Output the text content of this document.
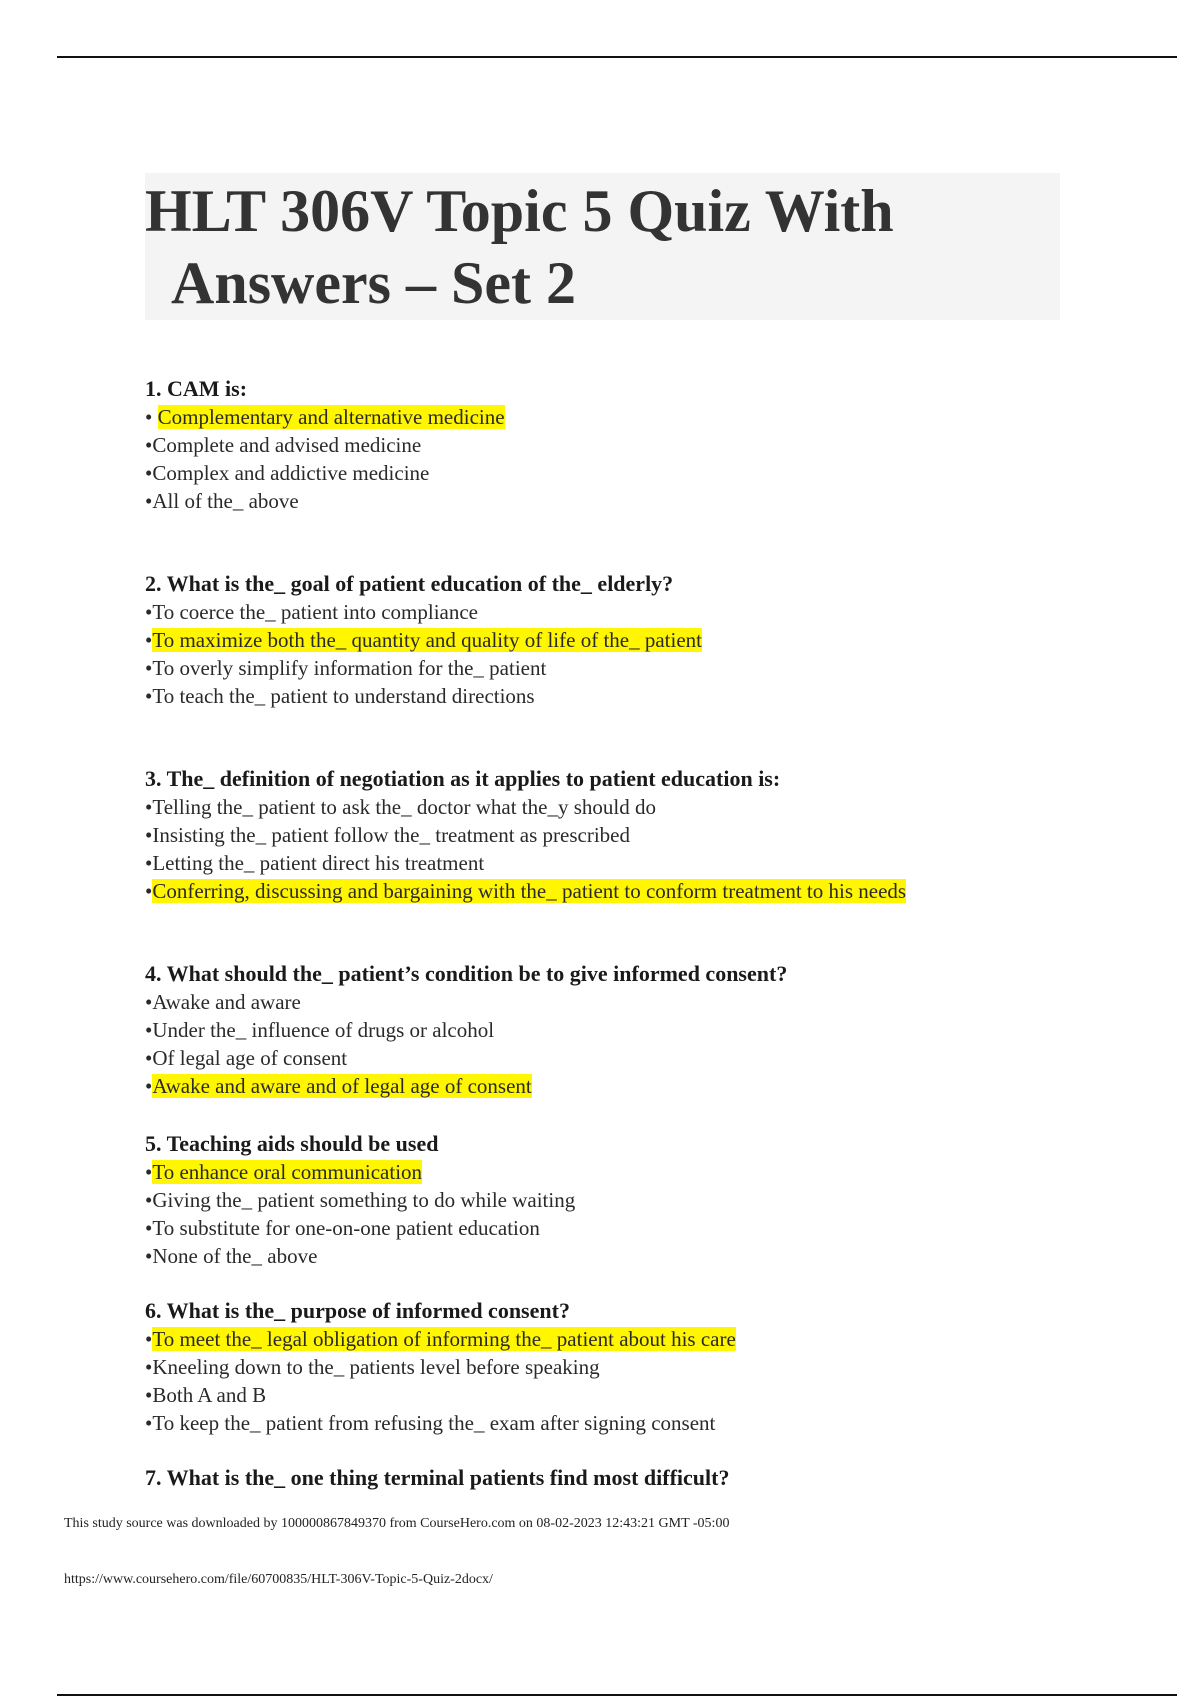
HLT 306V Topic 5 Quiz With
Answers – Set 2
1. CAM is:
• Complementary and alternative medicine
•Complete and advised medicine
•Complex and addictive medicine
•All of the_ above
2. What is the_ goal of patient education of the_ elderly?
•To coerce the_ patient into compliance
•To maximize both the_ quantity and quality of life of the_ patient
•To overly simplify information for the_ patient
•To teach the_ patient to understand directions
3. The_ definition of negotiation as it applies to patient education is:
•Telling the_ patient to ask the_ doctor what the_y should do
•Insisting the_ patient follow the_ treatment as prescribed
•Letting the_ patient direct his treatment
•Conferring, discussing and bargaining with the_ patient to conform treatment to his needs
4. What should the_ patient’s condition be to give informed consent?
•Awake and aware
•Under the_ influence of drugs or alcohol
•Of legal age of consent
•Awake and aware and of legal age of consent
5. Teaching aids should be used
•To enhance oral communication
•Giving the_ patient something to do while waiting
•To substitute for one-on-one patient education
•None of the_ above
6. What is the_ purpose of informed consent?
•To meet the_ legal obligation of informing the_ patient about his care
•Kneeling down to the_ patients level before speaking
•Both A and B
•To keep the_ patient from refusing the_ exam after signing consent
7. What is the_ one thing terminal patients find most difficult?
This study source was downloaded by 100000867849370 from CourseHero.com on 08-02-2023 12:43:21 GMT -05:00
https://www.coursehero.com/file/60700835/HLT-306V-Topic-5-Quiz-2docx/
